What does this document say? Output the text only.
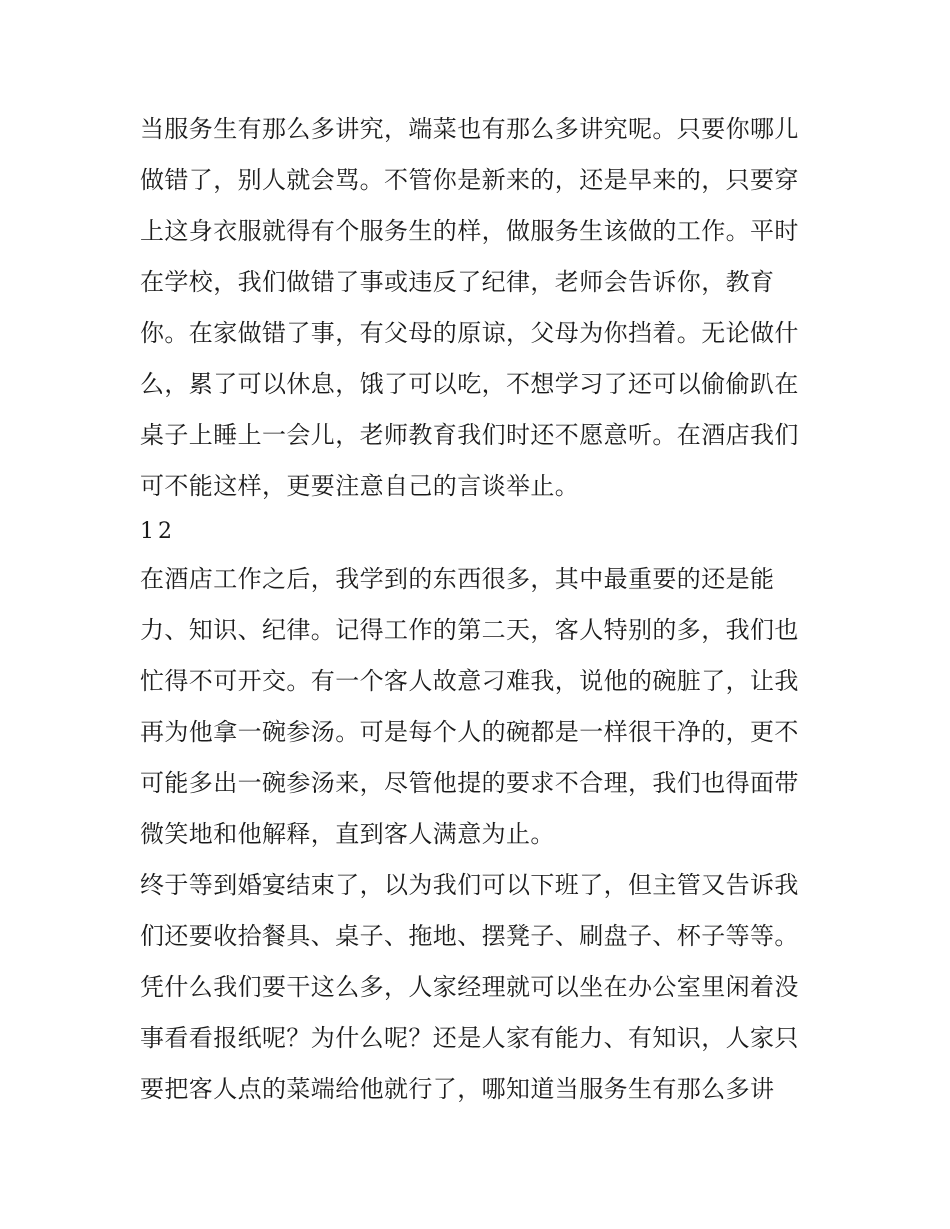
当服务生有那么多讲究，端菜也有那么多讲究呢。只要你哪儿
做错了，别人就会骂。不管你是新来的，还是早来的，只要穿
上这身衣服就得有个服务生的样，做服务生该做的工作。平时
在学校，我们做错了事或违反了纪律，老师会告诉你，教育
你。在家做错了事，有父母的原谅，父母为你挡着。无论做什
么，累了可以休息，饿了可以吃，不想学习了还可以偷偷趴在
桌子上睡上一会儿，老师教育我们时还不愿意听。在酒店我们
可不能这样，更要注意自己的言谈举止。
12
在酒店工作之后，我学到的东西很多，其中最重要的还是能
力、知识、纪律。记得工作的第二天，客人特别的多，我们也
忙得不可开交。有一个客人故意刁难我，说他的碗脏了，让我
再为他拿一碗参汤。可是每个人的碗都是一样很干净的，更不
可能多出一碗参汤来，尽管他提的要求不合理，我们也得面带
微笑地和他解释，直到客人满意为止。
终于等到婚宴结束了，以为我们可以下班了，但主管又告诉我
们还要收拾餐具、桌子、拖地、摆凳子、刷盘子、杯子等等。
凭什么我们要干这么多，人家经理就可以坐在办公室里闲着没
事看看报纸呢？为什么呢？还是人家有能力、有知识，人家只
要把客人点的菜端给他就行了，哪知道当服务生有那么多讲
